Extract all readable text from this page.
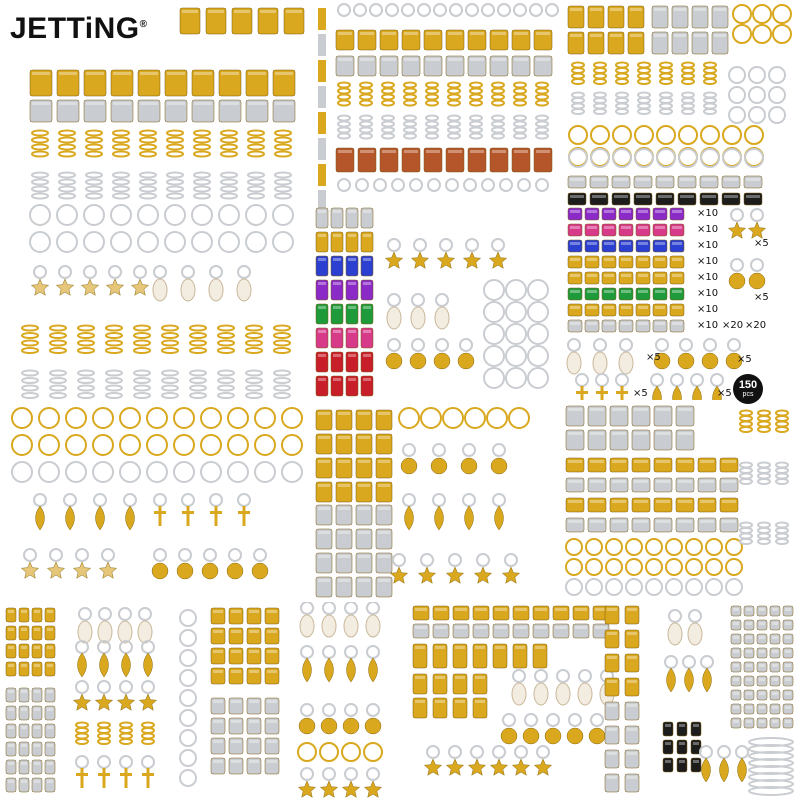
JETTiNG®
×10
×10
×10
×10
×10
×10
×10
×10
×5
×5
×20 ×20
×5	×5
×5	×5
150
pcs
